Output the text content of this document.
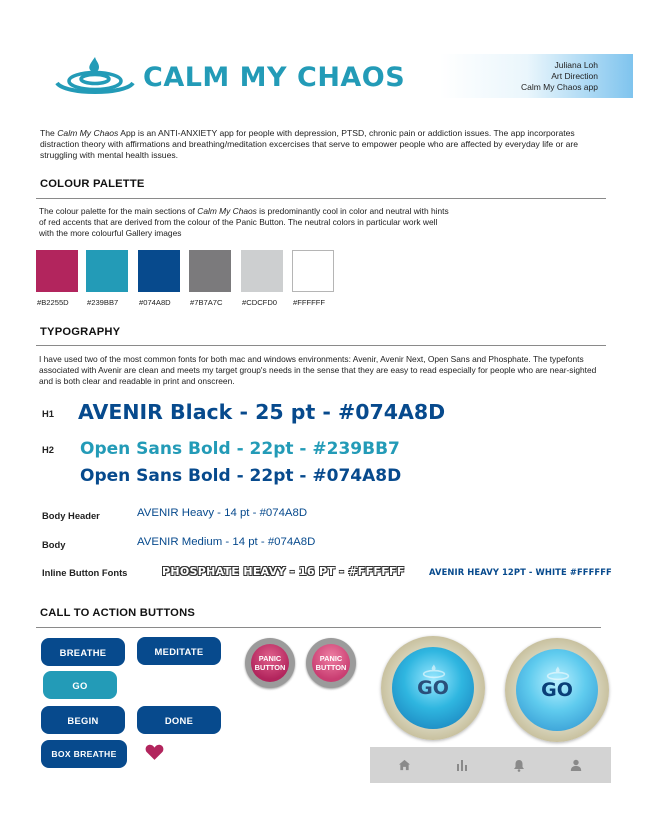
CALM MY CHAOS	Juliana Loh
Art Direction
Calm My Chaos app
The Calm My Chaos App is an ANTI-ANXIETY app for people with depression, PTSD, chronic pain or addiction issues. The app incorporates distraction theory with affirmations and breathing/meditation excercises that serve to empower people who are affected by everyday life or are struggling with mental health issues.
COLOUR PALETTE
The colour palette for the main sections of Calm My Chaos is predominantly cool in color and neutral with hints of red accents that are derived from the colour of the Panic Button. The neutral colors in particular work well with the more colourful Gallery images
#B2255D #239BB7	#074A8D	#7B7A7C	#CDCFD0 #FFFFFF
TYPOGRAPHY
I have used two of the most common fonts for both mac and windows environments: Avenir, Avenir Next, Open Sans and Phosphate. The typefonts associated with Avenir are clean and meets my target group's needs in the sense that they are easy to read especially for people who are near-sighted and is both clear and readable in print and onscreen.
H1 AVENIR Black - 25 pt - #074A8D
H2 Open Sans Bold - 22pt - #239BB7
Open Sans Bold - 22pt - #074A8D
Body Header	AVENIR Heavy - 14 pt - #074A8D
Body	AVENIR Medium - 14 pt - #074A8D
Inline Button Fonts	PHOSPHATE HEAVY - 16 PT - #FFFFFF	AVENIR HEAVY 12PT - WHITE #FFFFFF
CALL TO ACTION BUTTONS
BREATHE	MEDITATE
GO
BEGIN	DONE
BOX BREATHE
PANIC
BUTTON
PANIC
BUTTON
GO	GO
